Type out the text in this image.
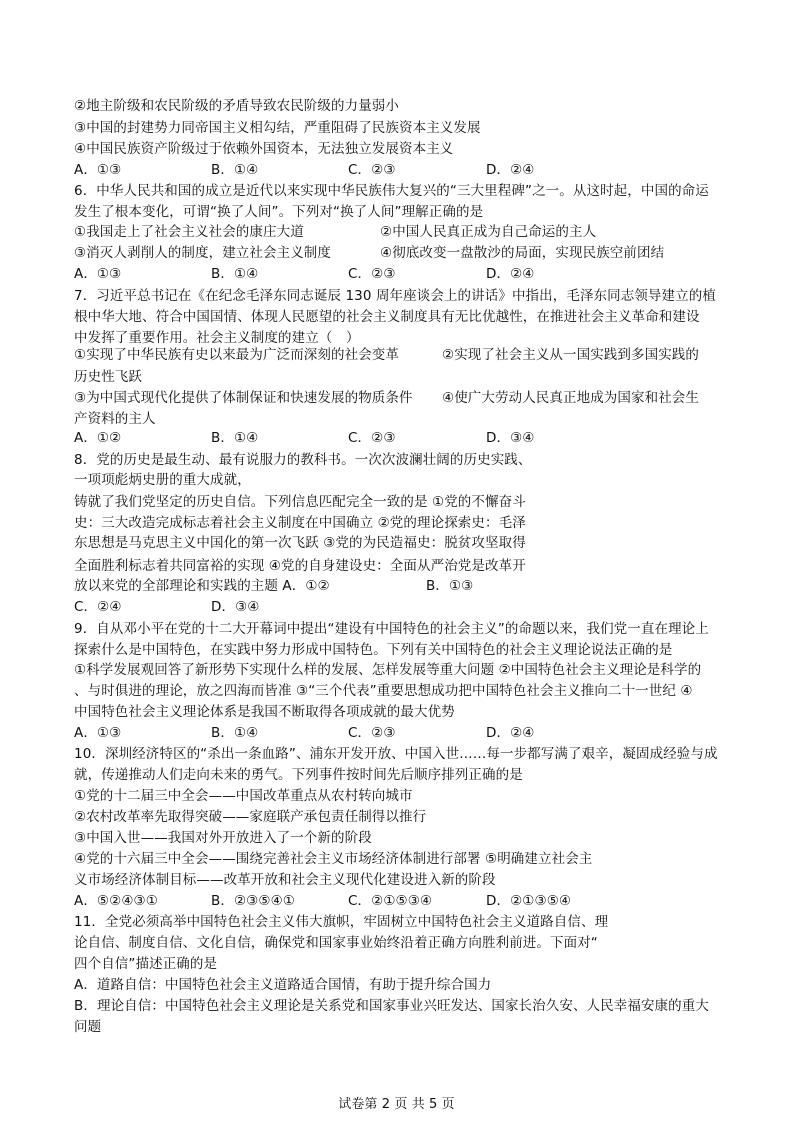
②地主阶级和农民阶级的矛盾导致农民阶级的力量弱小
③中国的封建势力同帝国主义相勾结，严重阻碍了民族资本主义发展
④中国民族资产阶级过于依赖外国资本，无法独立发展资本主义
A．①③	B．①④	C．②③	D．②④
6．中华人民共和国的成立是近代以来实现中华民族伟大复兴的“三大里程碑”之一。从这时起，中国的命运
发生了根本变化，可谓“换了人间”。下列对“换了人间”理解正确的是
①我国走上了社会主义社会的康庄大道	②中国人民真正成为自己命运的主人
③消灭人剥削人的制度，建立社会主义制度	④彻底改变一盘散沙的局面，实现民族空前团结
A．①③	B．①④	C．②③	D．②④
7．习近平总书记在《在纪念毛泽东同志诞辰 130 周年座谈会上的讲话》中指出，毛泽东同志领导建立的植
根中华大地、符合中国国情、体现人民愿望的社会主义制度具有无比优越性，在推进社会主义革命和建设
中发挥了重要作用。社会主义制度的建立（　）
①实现了中华民族有史以来最为广泛而深刻的社会变革	②实现了社会主义从一国实践到多国实践的
历史性飞跃
③为中国式现代化提供了体制保证和快速发展的物质条件 ④使广大劳动人民真正地成为国家和社会生
产资料的主人
A．①②	B．①④	C．②③	D．③④
8．党的历史是最生动、最有说服力的教科书。一次次波澜壮阔的历史实践、
一项项彪炳史册的重大成就，
铸就了我们党坚定的历史自信。下列信息匹配完全一致的是 ①党的不懈奋斗
史：三大改造完成标志着社会主义制度在中国确立 ②党的理论探索史：毛泽
东思想是马克思主义中国化的第一次飞跃 ③党的为民造福史：脱贫攻坚取得
全面胜利标志着共同富裕的实现 ④党的自身建设史：全面从严治党是改革开
放以来党的全部理论和实践的主题 A．①②	B．①③
C．②④	D．③④
9．自从邓小平在党的十二大开幕词中提出“建设有中国特色的社会主义”的命题以来，我们党一直在理论上
探索什么是中国特色，在实践中努力形成中国特色。下列有关中国特色的社会主义理论说法正确的是
①科学发展观回答了新形势下实现什么样的发展、怎样发展等重大问题 ②中国特色社会主义理论是科学的
、与时俱进的理论，放之四海而皆准 ③“三个代表”重要思想成功把中国特色社会主义推向二十一世纪 ④
中国特色社会主义理论体系是我国不断取得各项成就的最大优势
A．①③	B．①④	C．②③	D．②④
10．深圳经济特区的“杀出一条血路”、浦东开发开放、中国入世……每一步都写满了艰辛，凝固成经验与成
就，传递推动人们走向未来的勇气。下列事件按时间先后顺序排列正确的是
①党的十二届三中全会——中国改革重点从农村转向城市
②农村改革率先取得突破——家庭联产承包责任制得以推行
③中国入世——我国对外开放进入了一个新的阶段
④党的十六届三中全会——围绕完善社会主义市场经济体制进行部署 ⑤明确建立社会主
义市场经济体制目标——改革开放和社会主义现代化建设进入新的阶段
A．⑤②④③①	B．②③⑤④①	C．②①⑤③④	D．②①③⑤④
11．全党必须高举中国特色社会主义伟大旗帜，牢固树立中国特色社会主义道路自信、理
论自信、制度自信、文化自信，确保党和国家事业始终沿着正确方向胜利前进。下面对“
四个自信”描述正确的是
A．道路自信：中国特色社会主义道路适合国情，有助于提升综合国力
B．理论自信：中国特色社会主义理论是关系党和国家事业兴旺发达、国家长治久安、人民幸福安康的重大
问题
试卷第 2 页 共 5 页
